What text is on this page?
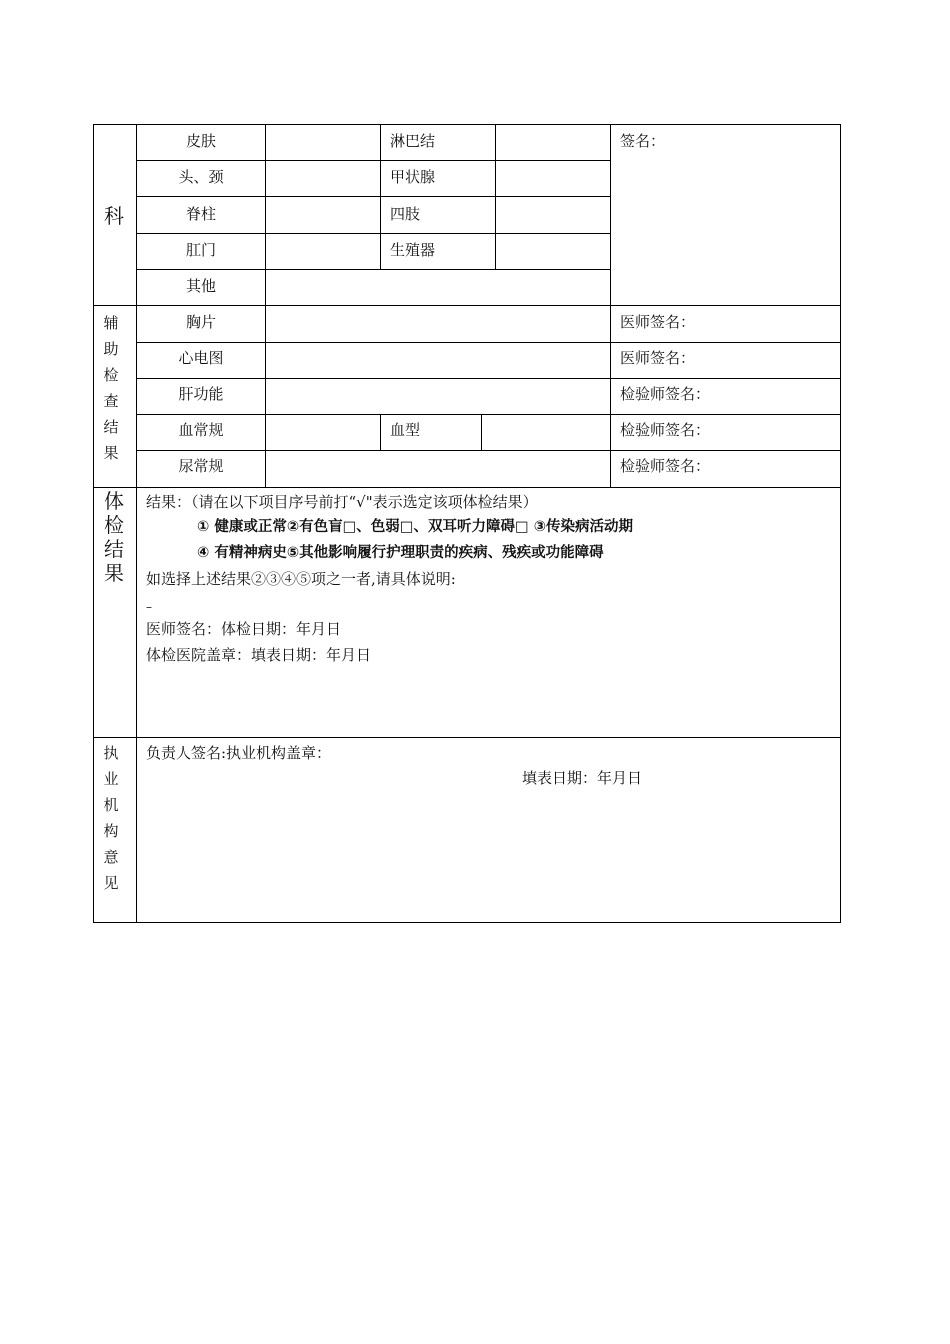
科
皮肤	淋巴结
头、颈	甲状腺
脊柱	四肢
肛门	生殖器
其他
签名：
辅助检查结果
胸片	医师签名：
心电图	医师签名：
肝功能	检验师签名：
血常规	血型	检验师签名：
尿常规	检验师签名：
体检结果
结果：（请在以下项目序号前打“√"表示选定该项体检结果）
① 健康或正常②有色盲□、色弱□、双耳听力障碍□ ③传染病活动期
④ 有精神病史⑤其他影响履行护理职责的疾病、残疾或功能障碍
如选择上述结果②③④⑤项之一者,请具体说明:
–
医师签名：体检日期：年月日
体检医院盖章：填表日期：年月日
执业机构意见
负责人签名:执业机构盖章：
填表日期：年月日
